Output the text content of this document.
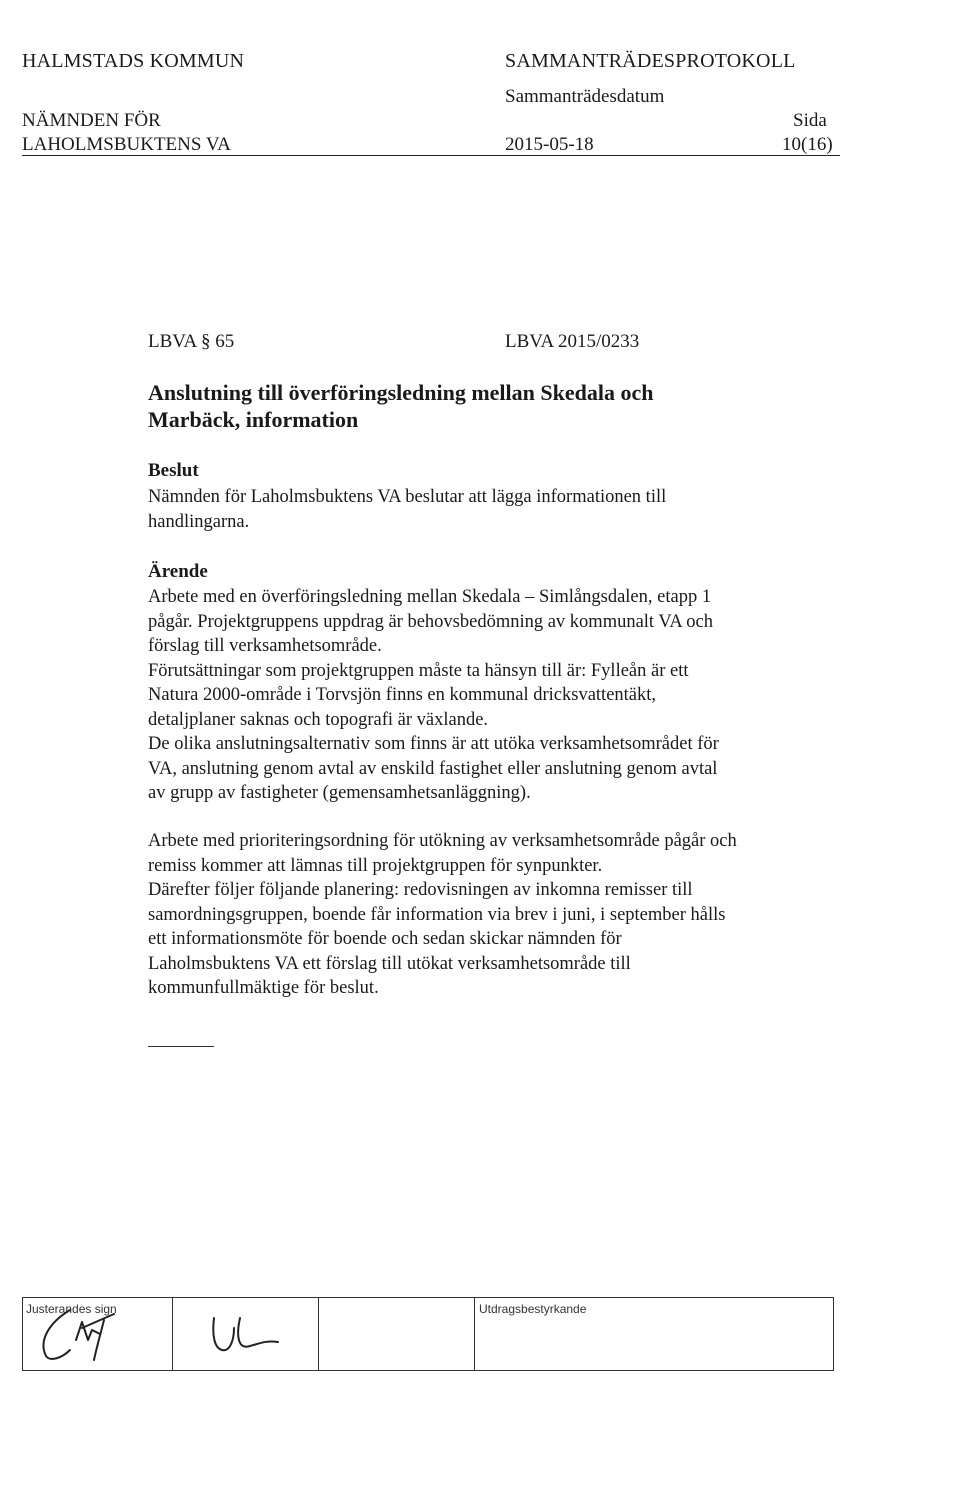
HALMSTADS KOMMUN	SAMMANTRÄDESPROTOKOLL
NÄMNDEN FÖR
LAHOLMSBUKTENS VA
Sammanträdesdatum
2015-05-18
Sida
10(16)
LBVA § 65	LBVA 2015/0233
Anslutning till överföringsledning mellan Skedala och
Marbäck, information
Beslut
Nämnden för Laholmsbuktens VA beslutar att lägga informationen till
handlingarna.
Ärende
Arbete med en överföringsledning mellan Skedala – Simlångsdalen, etapp 1
pågår. Projektgruppens uppdrag är behovsbedömning av kommunalt VA och
förslag till verksamhetsområde.
Förutsättningar som projektgruppen måste ta hänsyn till är: Fylleån är ett
Natura 2000-område i Torvsjön finns en kommunal dricksvattentäkt,
detaljplaner saknas och topografi är växlande.
De olika anslutningsalternativ som finns är att utöka verksamhetsområdet för
VA, anslutning genom avtal av enskild fastighet eller anslutning genom avtal
av grupp av fastigheter (gemensamhetsanläggning).
Arbete med prioriteringsordning för utökning av verksamhetsområde pågår och
remiss kommer att lämnas till projektgruppen för synpunkter.
Därefter följer följande planering: redovisningen av inkomna remisser till
samordningsgruppen, boende får information via brev i juni, i september hålls
ett informationsmöte för boende och sedan skickar nämnden för
Laholmsbuktens VA ett förslag till utökat verksamhetsområde till
kommunfullmäktige för beslut.
Justerandes sign	Utdragsbestyrkande
